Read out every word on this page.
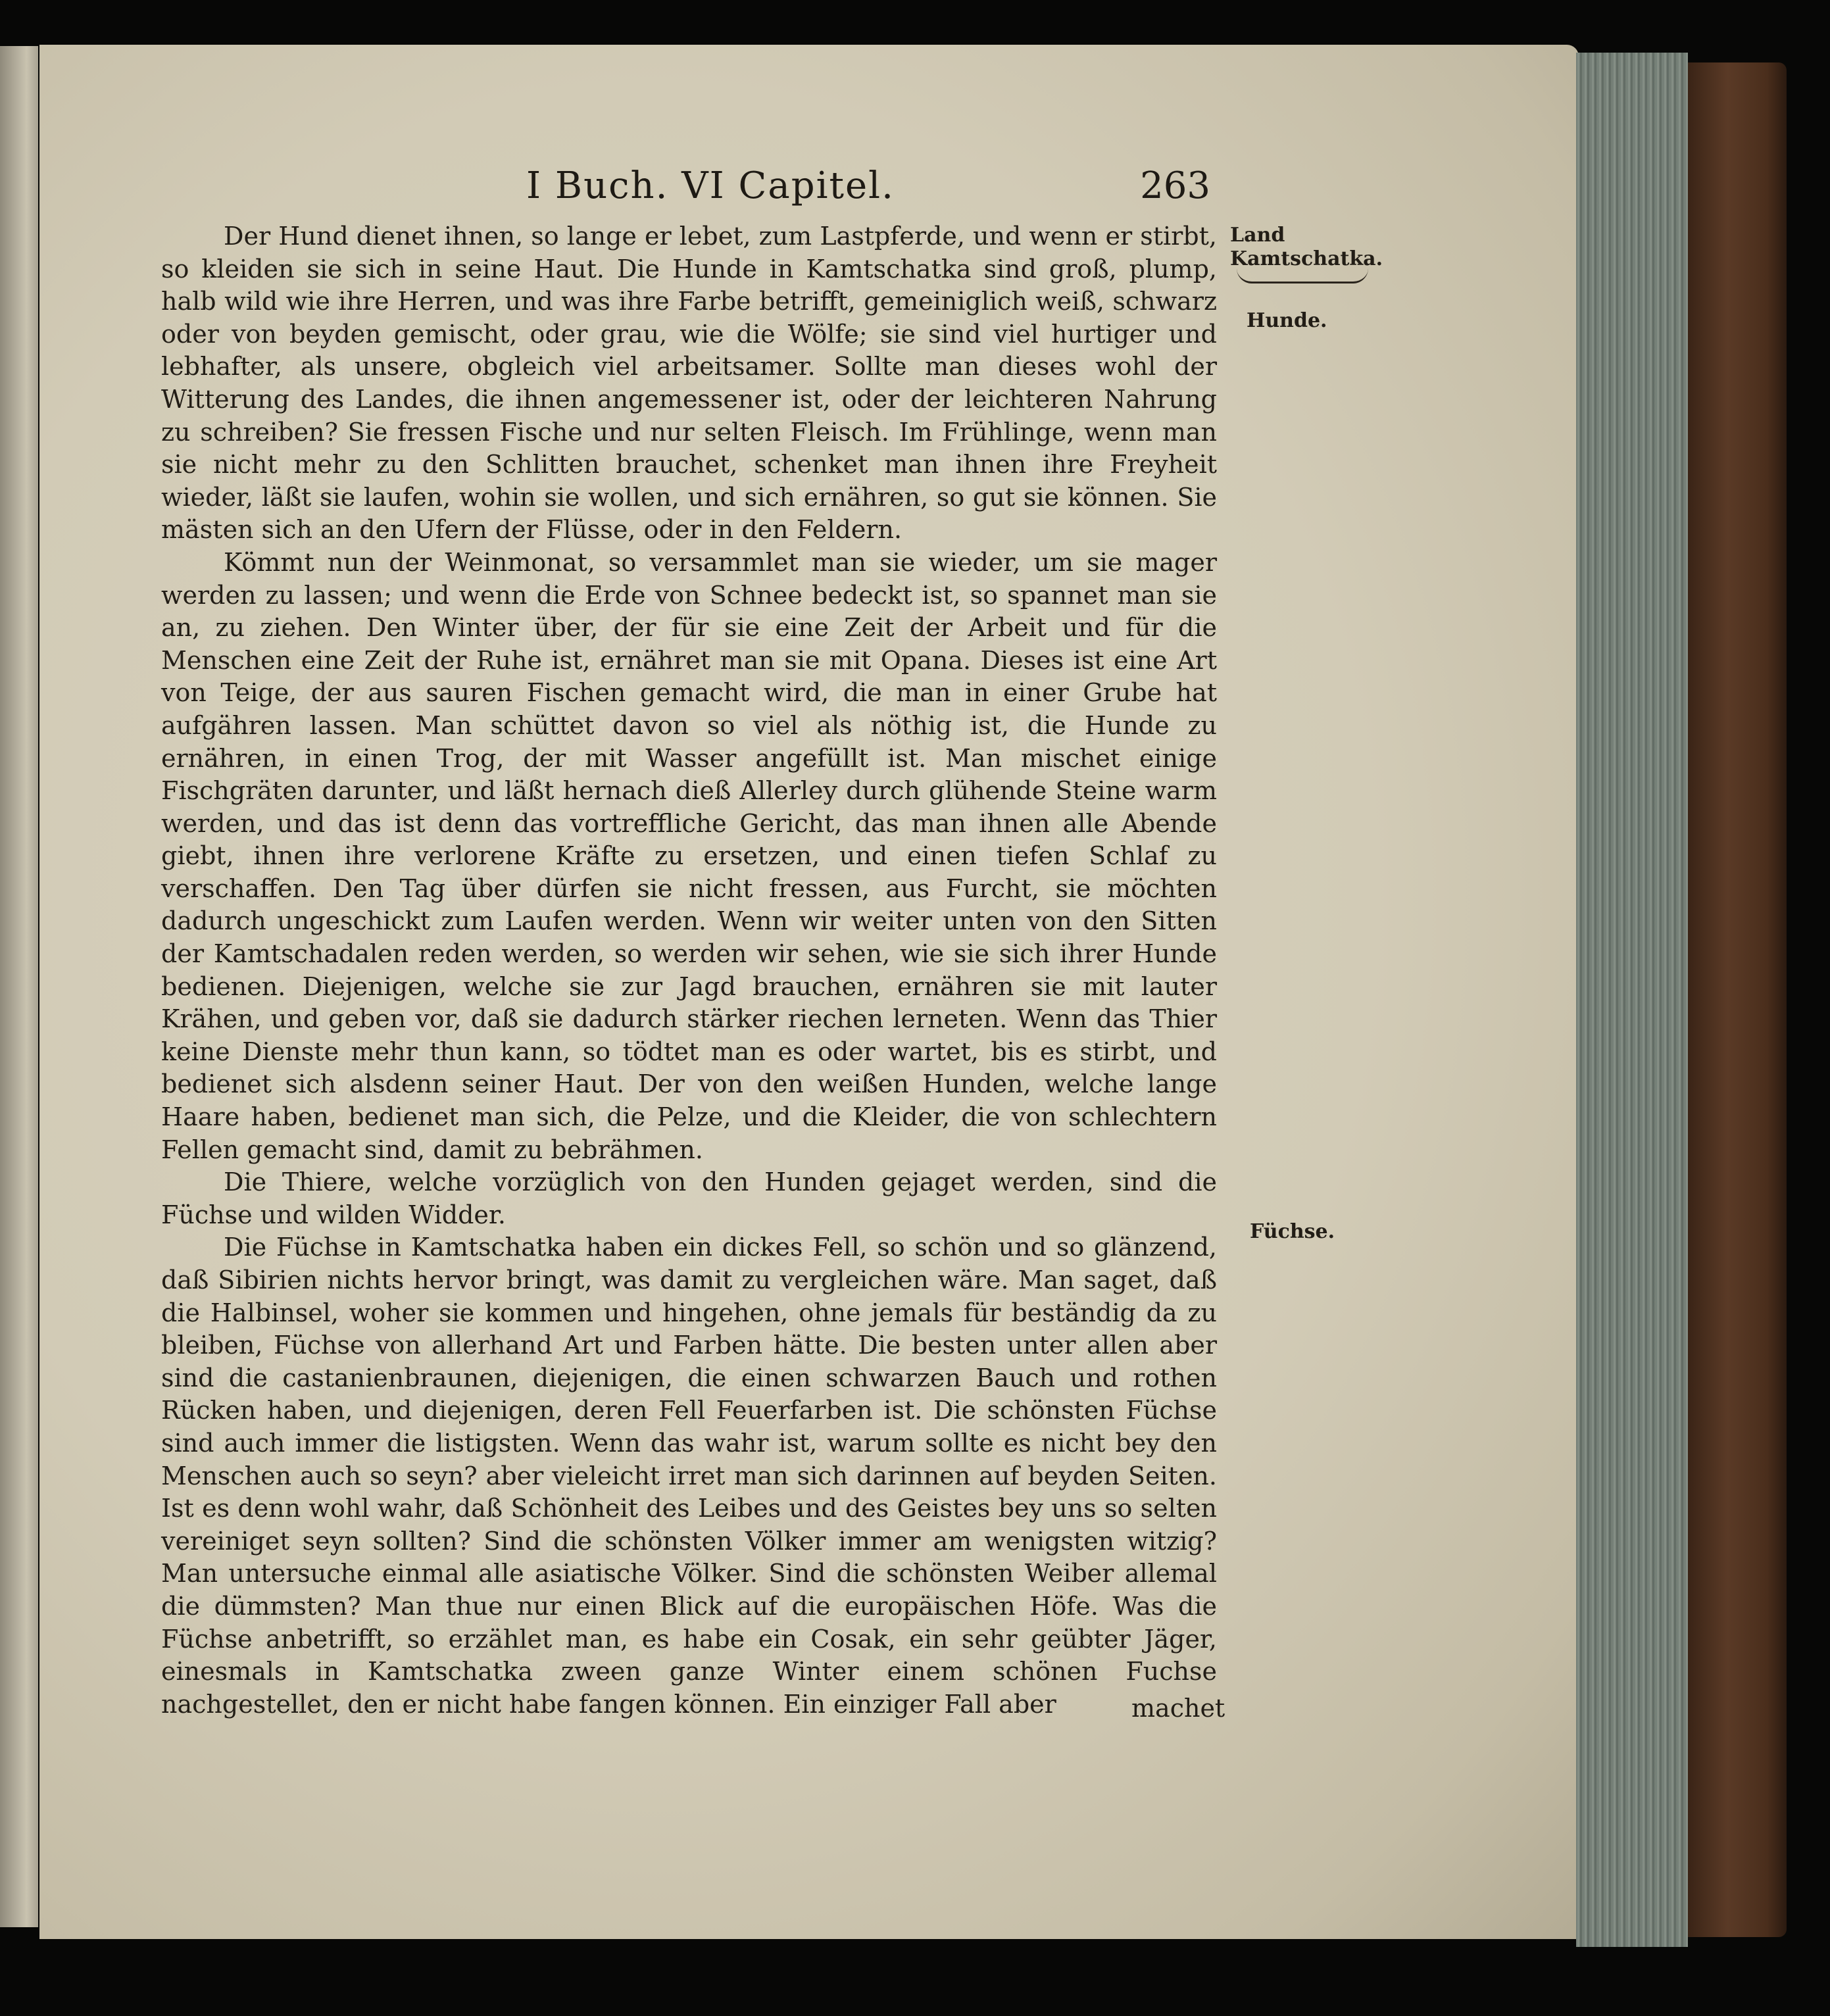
I Buch. VI Capitel.	263
Land Kamtschatka.
Hunde.
Füchse.

Der Hund dienet ihnen, so lange er lebet, zum Lastpferde, und wenn er stirbt, so kleiden sie sich in seine Haut. Die Hunde in Kamtschatka sind groß, plump, halb wild wie ihre Herren, und was ihre Farbe betrifft, gemeiniglich weiß, schwarz oder von beyden gemischt, oder grau, wie die Wölfe; sie sind viel hurtiger und lebhafter, als unsere, obgleich viel arbeitsamer. Sollte man dieses wohl der Witterung des Landes, die ihnen angemessener ist, oder der leichteren Nahrung zu schreiben? Sie fressen Fische und nur selten Fleisch. Im Frühlinge, wenn man sie nicht mehr zu den Schlitten brauchet, schenket man ihnen ihre Freyheit wieder, läßt sie laufen, wohin sie wollen, und sich ernähren, so gut sie können. Sie mästen sich an den Ufern der Flüsse, oder in den Feldern.

Kömmt nun der Weinmonat, so versammlet man sie wieder, um sie mager werden zu lassen; und wenn die Erde von Schnee bedeckt ist, so spannet man sie an, zu ziehen. Den Winter über, der für sie eine Zeit der Arbeit und für die Menschen eine Zeit der Ruhe ist, ernähret man sie mit Opana. Dieses ist eine Art von Teige, der aus sauren Fischen gemacht wird, die man in einer Grube hat aufgähren lassen. Man schüttet davon so viel als nöthig ist, die Hunde zu ernähren, in einen Trog, der mit Wasser angefüllt ist. Man mischet einige Fischgräten darunter, und läßt hernach dieß Allerley durch glühende Steine warm werden, und das ist denn das vortreffliche Gericht, das man ihnen alle Abende giebt, ihnen ihre verlorene Kräfte zu ersetzen, und einen tiefen Schlaf zu verschaffen. Den Tag über dürfen sie nicht fressen, aus Furcht, sie möchten dadurch ungeschickt zum Laufen werden. Wenn wir weiter unten von den Sitten der Kamtschadalen reden werden, so werden wir sehen, wie sie sich ihrer Hunde bedienen. Diejenigen, welche sie zur Jagd brauchen, ernähren sie mit lauter Krähen, und geben vor, daß sie dadurch stärker riechen lerneten. Wenn das Thier keine Dienste mehr thun kann, so tödtet man es oder wartet, bis es stirbt, und bedienet sich alsdenn seiner Haut. Der von den weißen Hunden, welche lange Haare haben, bedienet man sich, die Pelze, und die Kleider, die von schlechtern Fellen gemacht sind, damit zu bebrähmen.

Die Thiere, welche vorzüglich von den Hunden gejaget werden, sind die Füchse und wilden Widder.

Die Füchse in Kamtschatka haben ein dickes Fell, so schön und so glänzend, daß Sibirien nichts hervor bringt, was damit zu vergleichen wäre. Man saget, daß die Halbinsel, woher sie kommen und hingehen, ohne jemals für beständig da zu bleiben, Füchse von allerhand Art und Farben hätte. Die besten unter allen aber sind die castanienbraunen, diejenigen, die einen schwarzen Bauch und rothen Rücken haben, und diejenigen, deren Fell Feuerfarben ist. Die schönsten Füchse sind auch immer die listigsten. Wenn das wahr ist, warum sollte es nicht bey den Menschen auch so seyn? aber vieleicht irret man sich darinnen auf beyden Seiten. Ist es denn wohl wahr, daß Schönheit des Leibes und des Geistes bey uns so selten vereiniget seyn sollten? Sind die schönsten Völker immer am wenigsten witzig? Man untersuche einmal alle asiatische Völker. Sind die schönsten Weiber allemal die dümmsten? Man thue nur einen Blick auf die europäischen Höfe. Was die Füchse anbetrifft, so erzählet man, es habe ein Cosak, ein sehr geübter Jäger, einesmals in Kamtschatka zween ganze Winter einem schönen Fuchse nachgestellet, den er nicht habe fangen können. Ein einziger Fall aber	machet
